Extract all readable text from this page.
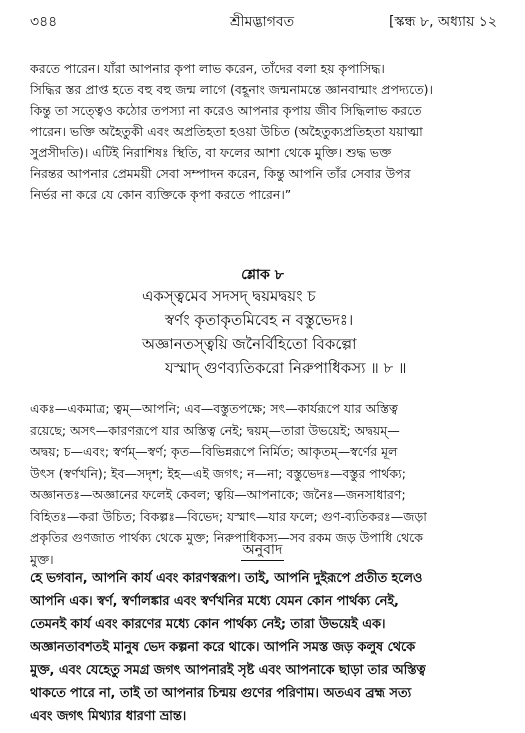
৩৪৪	শ্রীমদ্ভাগবত	[স্কন্ধ ৮, অধ্যায় ১২
করতে পারেন। যাঁরা আপনার কৃপা লাভ করেন, তাঁদের বলা হয় কৃপাসিদ্ধ।
সিদ্ধির স্তর প্রাপ্ত হতে বহু বহু জন্ম লাগে (বহূনাং জন্মনামন্তে জ্ঞানবান্মাং প্রপদ্যতে)।
কিন্তু তা সত্ত্বেও কঠোর তপস্যা না করেও আপনার কৃপায় জীব সিদ্ধিলাভ করতে
পারেন। ভক্তি অহৈতুকী এবং অপ্রতিহতা হওয়া উচিত (অহৈতুক্যপ্রতিহতা যয়াত্মা
সুপ্রসীদতি)। এটিই নিরাশিষঃ স্থিতি, বা ফলের আশা থেকে মুক্তি। শুদ্ধ ভক্ত
নিরন্তর আপনার প্রেমময়ী সেবা সম্পাদন করেন, কিন্তু আপনি তাঁর সেবার উপর
নির্ভর না করে যে কোন ব্যক্তিকে কৃপা করতে পারেন।”
শ্লোক ৮
একস্ত্বমেব সদসদ্ দ্বয়মদ্বয়ং চ
স্বর্ণং কৃতাকৃতমিবেহ ন বস্তুভেদঃ।
অজ্ঞানতস্ত্বয়ি জনৈর্বিহিতো বিকল্পো
যস্মাদ্ গুণব্যতিকরো নিরুপাধিকস্য ॥ ৮ ॥
একঃ—একমাত্র; ত্বম্—আপনি; এব—বস্তুতপক্ষে; সৎ—কার্যরূপে যার অস্তিত্ব
রয়েছে; অসৎ—কারণরূপে যার অস্তিত্ব নেই; দ্বয়ম্—তারা উভয়েই; অদ্বয়ম্—
অদ্বয়; চ—এবং; স্বর্ণম্—স্বর্ণ; কৃত—বিভিন্নরূপে নির্মিত; আকৃতম্—স্বর্ণের মূল
উৎস (স্বর্ণখনি); ইব—সদৃশ; ইহ—এই জগৎ; ন—না; বস্তুভেদঃ—বস্তুর পার্থক্য;
অজ্ঞানতঃ—অজ্ঞানের ফলেই কেবল; ত্বয়ি—আপনাকে; জনৈঃ—জনসাধারণ;
বিহিতঃ—করা উচিত; বিকল্পঃ—বিভেদ; যস্মাৎ—যার ফলে; গুণ-ব্যতিকরঃ—জড়া
প্রকৃতির গুণজাত পার্থক্য থেকে মুক্ত; নিরুপাধিকস্য—সব রকম জড় উপাধি থেকে
মুক্ত।
অনুবাদ
হে ভগবান, আপনি কার্য এবং কারণস্বরূপ। তাই, আপনি দুইরূপে প্রতীত হলেও
আপনি এক। স্বর্ণ, স্বর্ণালঙ্কার এবং স্বর্ণখনির মধ্যে যেমন কোন পার্থক্য নেই,
তেমনই কার্য এবং কারণের মধ্যে কোন পার্থক্য নেই; তারা উভয়েই এক।
অজ্ঞানতাবশতই মানুষ ভেদ কল্পনা করে থাকে। আপনি সমস্ত জড় কলুষ থেকে
মুক্ত, এবং যেহেতু সমগ্র জগৎ আপনারই সৃষ্ট এবং আপনাকে ছাড়া তার অস্তিত্ব
থাকতে পারে না, তাই তা আপনার চিন্ময় গুণের পরিণাম। অতএব ব্রহ্ম সত্য
এবং জগৎ মিথ্যার ধারণা ভ্রান্ত।
